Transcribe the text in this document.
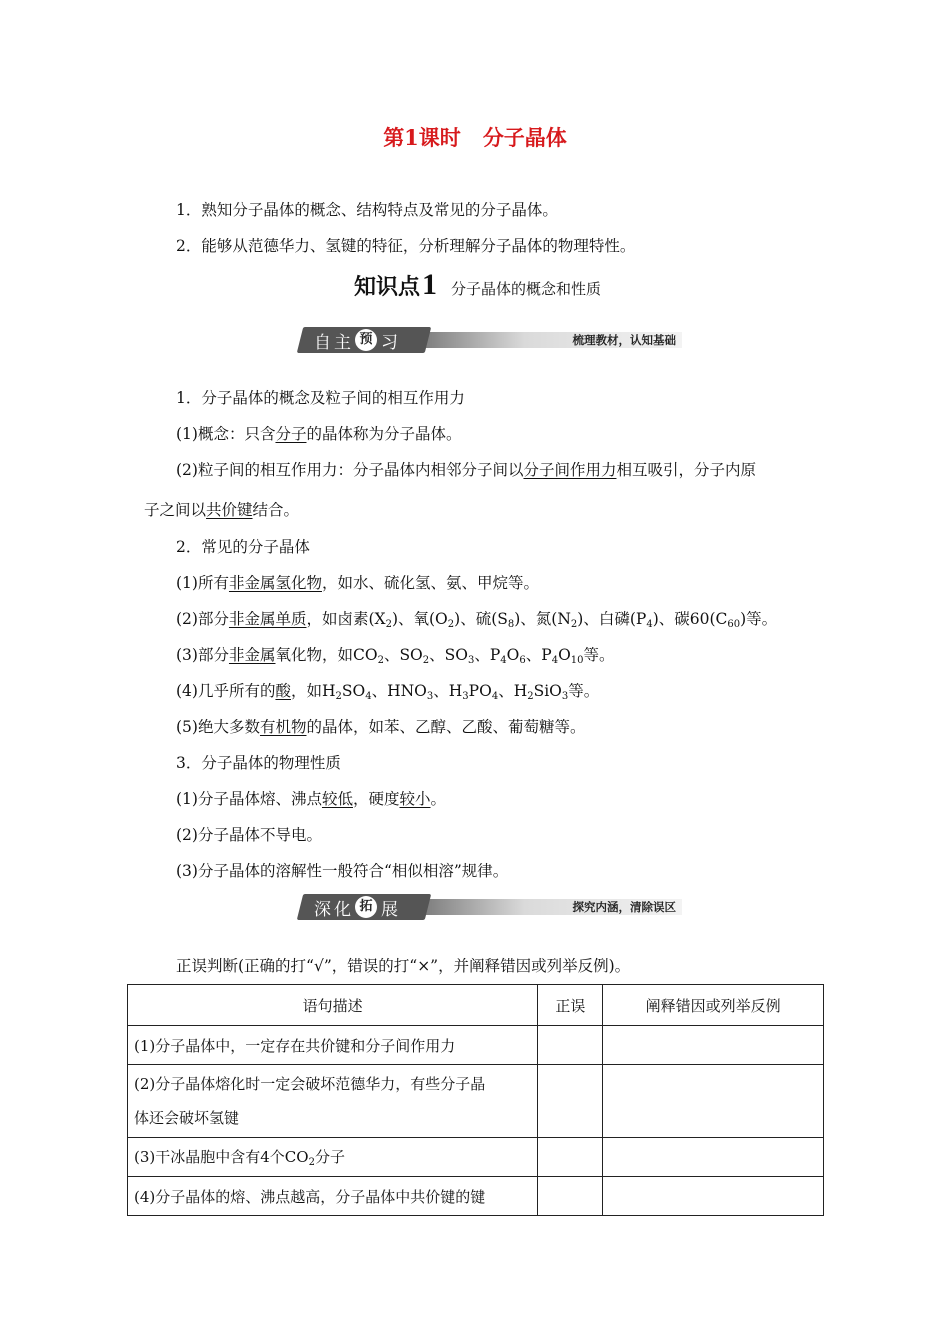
第1课时 分子晶体
1．熟知分子晶体的概念、结构特点及常见的分子晶体。
2．能够从范德华力、氢键的特征，分析理解分子晶体的物理特性。
知识点1 分子晶体的概念和性质
自主 预 习	梳理教材，认知基础
1．分子晶体的概念及粒子间的相互作用力
(1)概念：只含分子的晶体称为分子晶体。
(2)粒子间的相互作用力：分子晶体内相邻分子间以分子间作用力相互吸引，分子内原
子之间以共价键结合。
2．常见的分子晶体
(1)所有非金属氢化物，如水、硫化氢、氨、甲烷等。
(2)部分非金属单质，如卤素$(X_2)$、氧$(O_2)$、硫$(S_8)$、氮$(N_2)$、白磷$(P_4)$、碳$60(C_{60})$等。
(3)部分非金属氧化物，如$CO_2$、$SO_2$、$SO_3$、$P_4O_6$、$P_4O_{10}$等。
(4)几乎所有的酸，如$H_2SO_4$、$HNO_3$、$H_3PO_4$、$H_2SiO_3$等。
(5)绝大多数有机物的晶体，如苯、乙醇、乙酸、葡萄糖等。
3．分子晶体的物理性质
(1)分子晶体熔、沸点较低，硬度较小。
(2)分子晶体不导电。
(3)分子晶体的溶解性一般符合“相似相溶”规律。
深化 拓 展	探究内涵，清除误区
正误判断(正确的打“√”，错误的打“×”，并阐释错因或列举反例)。
语句描述	正误	阐释错因或列举反例
(1)分子晶体中，一定存在共价键和分子间作用力		
(2)分子晶体熔化时一定会破坏范德华力，有些分子晶
体还会破坏氢键		
(3)干冰晶胞中含有4个$CO_2$分子		
(4)分子晶体的熔、沸点越高，分子晶体中共价键的键		
